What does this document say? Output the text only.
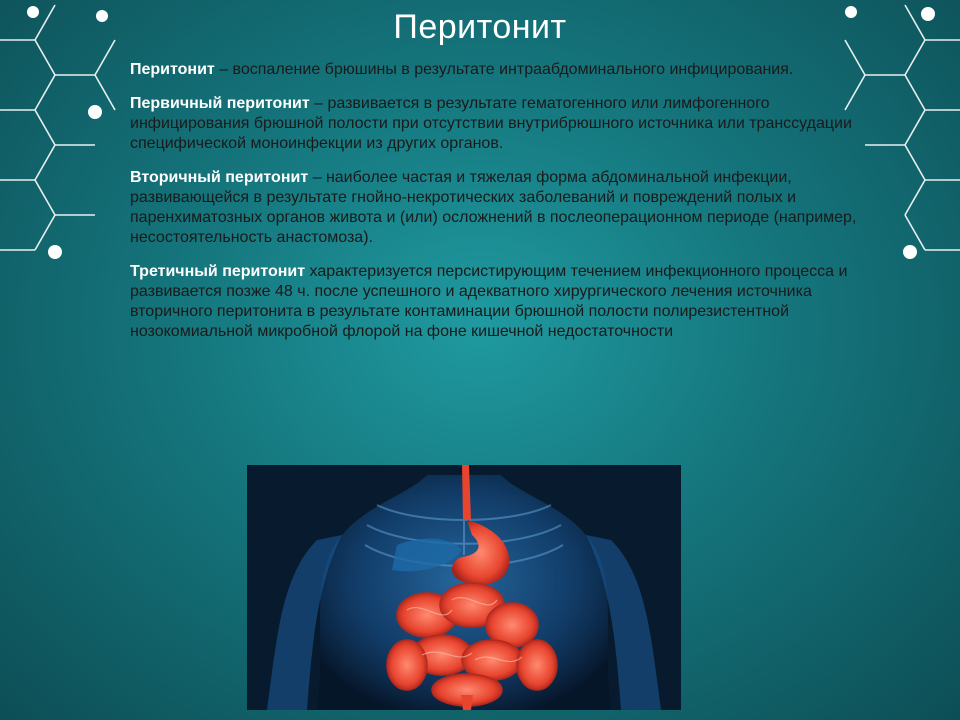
Перитонит

Перитонит – воспаление брюшины в результате интраабдоминального инфицирования.

Первичный перитонит – развивается в результате гематогенного или лимфогенного инфицирования брюшной полости при отсутствии внутрибрюшного источника или транссудации специфической моноинфекции из других органов.

Вторичный перитонит – наиболее частая и тяжелая форма абдоминальной инфекции, развивающейся в результате гнойно-некротических заболеваний и повреждений полых и паренхиматозных органов живота и (или) осложнений в послеоперационном периоде (например, несостоятельность анастомоза).

Третичный перитонит характеризуется персистирующим течением инфекционного процесса и развивается позже 48 ч. после успешного и адекватного хирургического лечения источника вторичного перитонита в результате контаминации брюшной полости полирезистентной нозокомиальной микробной флорой на фоне кишечной недостаточности
